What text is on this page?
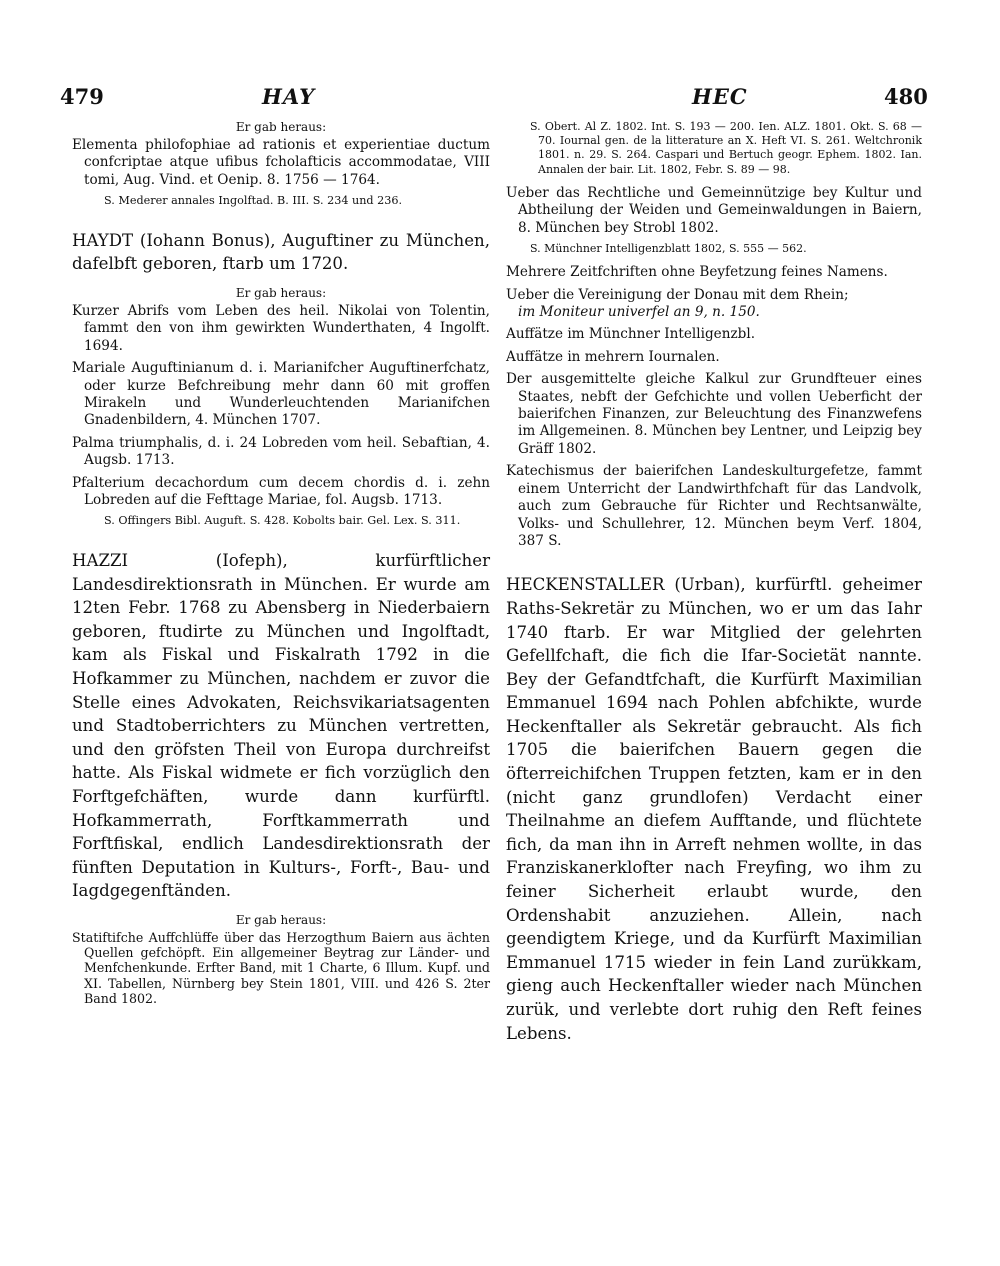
479	HAY	HEC	480
Er gab heraus:
Elementa philofophiae ad rationis et experientiae ductum confcriptae atque ufibus fcholafticis accommodatae, VIII tomi, Aug. Vind. et Oenip. 8. 1756 — 1764.
S. Mederer annales Ingolftad. B. III. S. 234 und 236.
HAYDT (Iohann Bonus), Auguftiner zu München, dafelbft geboren, ftarb um 1720.
Er gab heraus:
Kurzer Abrifs vom Leben des heil. Nikolai von Tolentin, fammt den von ihm gewirkten Wunderthaten, 4 Ingolft. 1694.
Mariale Auguftinianum d. i. Marianifcher Auguftinerfchatz, oder kurze Befchreibung mehr dann 60 mit groffen Mirakeln und Wunderleuchtenden Marianifchen Gnadenbildern, 4. München 1707.
Palma triumphalis, d. i. 24 Lobreden vom heil. Sebaftian, 4. Augsb. 1713.
Pfalterium decachordum cum decem chordis d. i. zehn Lobreden auf die Fefttage Mariae, fol. Augsb. 1713.
S. Offingers Bibl. Auguft. S. 428. Kobolts bair. Gel. Lex. S. 311.
HAZZI (Iofeph), kurfürftlicher Landesdirektionsrath in München. Er wurde am 12ten Febr. 1768 zu Abensberg in Niederbaiern geboren, ftudirte zu München und Ingolftadt, kam als Fiskal und Fiskalrath 1792 in die Hofkammer zu München, nachdem er zuvor die Stelle eines Advokaten, Reichsvikariatsagenten und Stadtoberrichters zu München vertretten, und den gröfsten Theil von Europa durchreifst hatte. Als Fiskal widmete er fich vorzüglich den Forftgefchäften, wurde dann kurfürftl. Hofkammerrath, Forftkammerrath und Forftfiskal, endlich Landesdirektionsrath der fünften Deputation in Kulturs-, Forft-, Bau- und Iagdgegenftänden.
Er gab heraus:
Statiftifche Auffchlüffe über das Herzogthum Baiern aus ächten Quellen gefchöpft. Ein allgemeiner Beytrag zur Länder- und Menfchenkunde. Erfter Band, mit 1 Charte, 6 Illum. Kupf. und XI. Tabellen, Nürnberg bey Stein 1801, VIII. und 426 S. 2ter Band 1802.
S. Obert. Al Z. 1802. Int. S. 193 — 200. Ien. ALZ. 1801. Okt. S. 68 — 70. Iournal gen. de la litterature an X. Heft VI. S. 261. Weltchronik 1801. n. 29. S. 264. Caspari und Bertuch geogr. Ephem. 1802. Ian. Annalen der bair. Lit. 1802, Febr. S. 89 — 98.
Ueber das Rechtliche und Gemeinnützige bey Kultur und Abtheilung der Weiden und Gemeinwaldungen in Baiern, 8. München bey Strobl 1802.
S. Münchner Intelligenzblatt 1802, S. 555 — 562.
Mehrere Zeitfchriften ohne Beyfetzung feines Namens.
Ueber die Vereinigung der Donau mit dem Rhein;
im Moniteur univerfel an 9, n. 150.
Auffätze im Münchner Intelligenzbl.
Auffätze in mehrern Iournalen.
Der ausgemittelte gleiche Kalkul zur Grundfteuer eines Staates, nebft der Gefchichte und vollen Ueberficht der baierifchen Finanzen, zur Beleuchtung des Finanzwefens im Allgemeinen. 8. München bey Lentner, und Leipzig bey Gräff 1802.
Katechismus der baierifchen Landeskulturgefetze, fammt einem Unterricht der Landwirthfchaft für das Landvolk, auch zum Gebrauche für Richter und Rechtsanwälte, Volks- und Schullehrer, 12. München beym Verf. 1804, 387 S.
HECKENSTALLER (Urban), kurfürftl. geheimer Raths-Sekretär zu München, wo er um das Iahr 1740 ftarb. Er war Mitglied der gelehrten Gefellfchaft, die fich die Ifar-Societät nannte. Bey der Gefandtfchaft, die Kurfürft Maximilian Emmanuel 1694 nach Pohlen abfchikte, wurde Heckenftaller als Sekretär gebraucht. Als fich 1705 die baierifchen Bauern gegen die öfterreichifchen Truppen fetzten, kam er in den (nicht ganz grundlofen) Verdacht einer Theilnahme an diefem Aufftande, und flüchtete fich, da man ihn in Arreft nehmen wollte, in das Franziskanerklofter nach Freyfing, wo ihm zu feiner Sicherheit erlaubt wurde, den Ordenshabit anzuziehen. Allein, nach geendigtem Kriege, und da Kurfürft Maximilian Emmanuel 1715 wieder in fein Land zurükkam, gieng auch Heckenftaller wieder nach München zurük, und verlebte dort ruhig den Reft feines Lebens.
